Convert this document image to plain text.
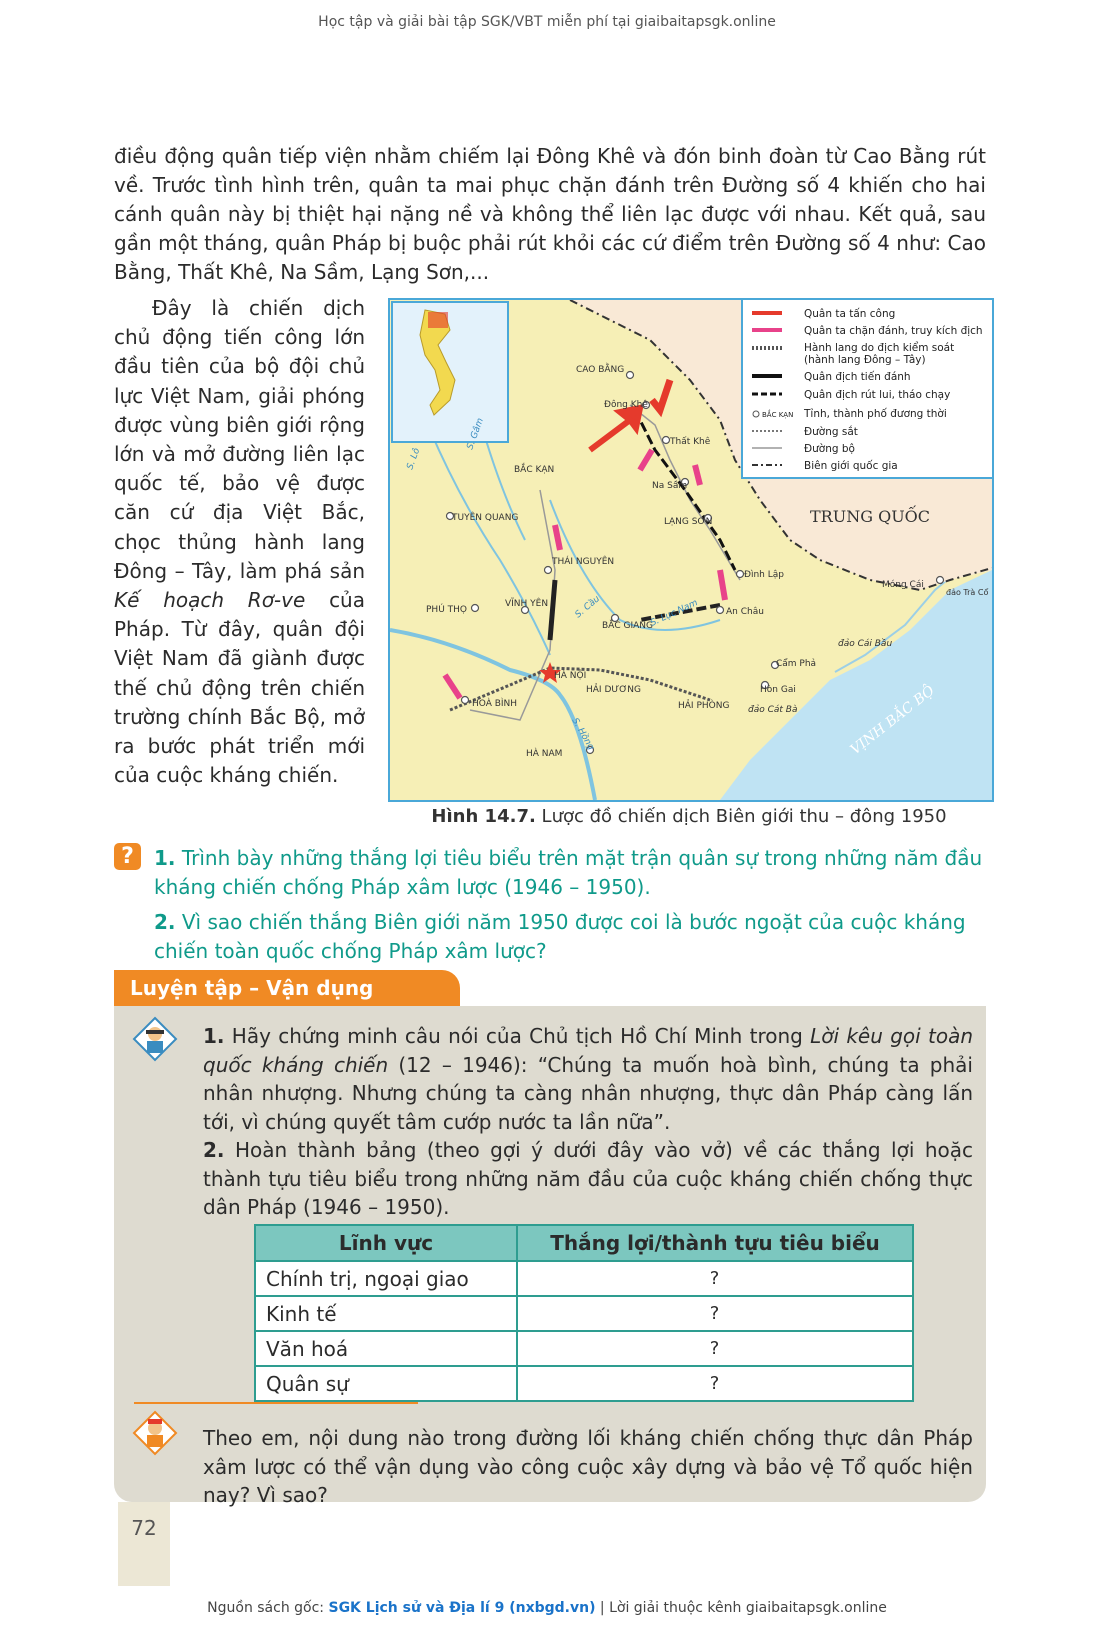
Học tập và giải bài tập SGK/VBT miễn phí tại giaibaitapsgk.online
điều động quân tiếp viện nhằm chiếm lại Đông Khê và đón binh đoàn từ Cao Bằng rút về. Trước tình hình trên, quân ta mai phục chặn đánh trên Đường số 4 khiến cho hai cánh quân này bị thiệt hại nặng nề và không thể liên lạc được với nhau. Kết quả, sau gần một tháng, quân Pháp bị buộc phải rút khỏi các cứ điểm trên Đường số 4 như: Cao Bằng, Thất Khê, Na Sầm, Lạng Sơn,...
Đây là chiến dịch chủ động tiến công lớn đầu tiên của bộ đội chủ lực Việt Nam, giải phóng được vùng biên giới rộng lớn và mở đường liên lạc quốc tế, bảo vệ được căn cứ địa Việt Bắc, chọc thủng hành lang Đông – Tây, làm phá sản Kế hoạch Rơ-ve của Pháp. Từ đây, quân đội Việt Nam đã giành được thế chủ động trên chiến trường chính Bắc Bộ, mở ra bước phát triển mới của cuộc kháng chiến.
Quân ta tấn công
Quân ta chặn đánh, truy kích địch
Hành lang do địch kiểm soát
(hành lang Đông – Tây)
Quân địch tiến đánh
Quân địch rút lui, tháo chạy
BẮC KẠN Tỉnh, thành phố đương thời
Đường sắt
Đường bộ
Biên giới quốc gia
TRUNG QUỐC
VỊNH BẮC BỘ
CAO BẰNG
Đông Khê
Thất Khê
Na Sầm
LẠNG SƠN
BẮC KẠN
TUYÊN QUANG
THÁI NGUYÊN
Đình Lập
Móng Cái
đảo Trà Cổ
PHÚ THỌ
VĨNH YÊN
BẮC GIANG
An Châu
đảo Cái Bầu
HÀ NỘI
HẢI DƯƠNG
Cẩm Phả
Hòn Gai
HOÀ BÌNH	HẢI PHÒNG đảo Cát Bà
HÀ NAM
S. Lô
S. Gâm
S. Cầu	S. Lục Nam
S. Hồng
Hình 14.7. Lược đồ chiến dịch Biên giới thu – đông 1950
?	1. Trình bày những thắng lợi tiêu biểu trên mặt trận quân sự trong những năm đầu kháng chiến chống Pháp xâm lược (1946 – 1950).
2. Vì sao chiến thắng Biên giới năm 1950 được coi là bước ngoặt của cuộc kháng chiến toàn quốc chống Pháp xâm lược?
Luyện tập – Vận dụng
1. Hãy chứng minh câu nói của Chủ tịch Hồ Chí Minh trong Lời kêu gọi toàn quốc kháng chiến (12 – 1946): “Chúng ta muốn hoà bình, chúng ta phải nhân nhượng. Nhưng chúng ta càng nhân nhượng, thực dân Pháp càng lấn tới, vì chúng quyết tâm cướp nước ta lần nữa”.
2. Hoàn thành bảng (theo gợi ý dưới đây vào vở) về các thắng lợi hoặc thành tựu tiêu biểu trong những năm đầu của cuộc kháng chiến chống thực dân Pháp (1946 – 1950).
Lĩnh vực	Thắng lợi/thành tựu tiêu biểu
Chính trị, ngoại giao	?
Kinh tế	?
Văn hoá	?
Quân sự	?
Theo em, nội dung nào trong đường lối kháng chiến chống thực dân Pháp xâm lược có thể vận dụng vào công cuộc xây dựng và bảo vệ Tổ quốc hiện nay? Vì sao?
72
Nguồn sách gốc: SGK Lịch sử và Địa lí 9 (nxbgd.vn) | Lời giải thuộc kênh giaibaitapsgk.online
